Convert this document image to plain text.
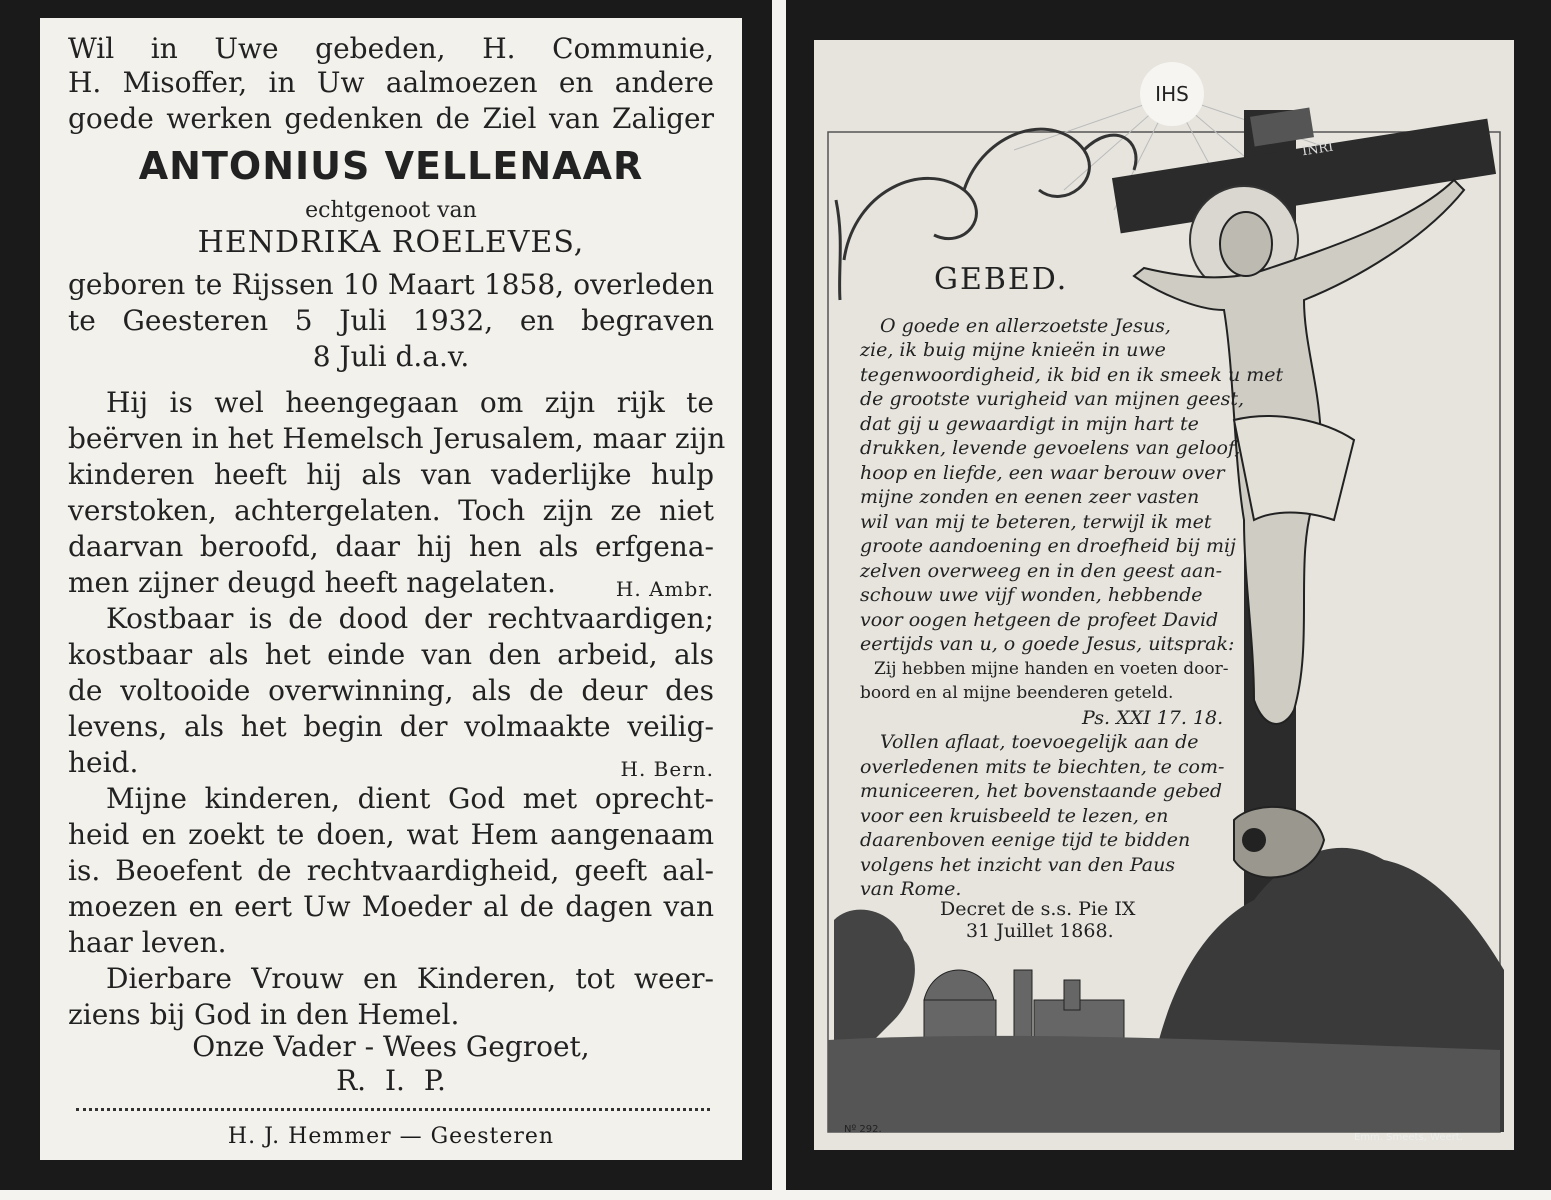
Wil in Uwe gebeden, H. Communie,
H. Misoffer, in Uw aalmoezen en andere
goede werken gedenken de Ziel van Zaliger
ANTONIUS VELLENAAR
echtgenoot van
HENDRIKA ROELEVES,
geboren te Rijssen 10 Maart 1858, overleden
te Geesteren 5 Juli 1932, en begraven
8 Juli d.a.v.
Hij is wel heengegaan om zijn rijk te
beërven in het Hemelsch Jerusalem, maar zijn
kinderen heeft hij als van vaderlijke hulp
verstoken, achtergelaten. Toch zijn ze niet
daarvan beroofd, daar hij hen als erfgena-
men zijner deugd heeft nagelaten.	H. Ambr.
Kostbaar is de dood der rechtvaardigen;
kostbaar als het einde van den arbeid, als
de voltooide overwinning, als de deur des
levens, als het begin der volmaakte veilig-
heid.	H. Bern.
Mijne kinderen, dient God met oprecht-
heid en zoekt te doen, wat Hem aangenaam
is. Beoefent de rechtvaardigheid, geeft aal-
moezen en eert Uw Moeder al de dagen van
haar leven.
Dierbare Vrouw en Kinderen, tot weer-
ziens bij God in den Hemel.
Onze Vader - Wees Gegroet,
R. I. P.
H. J. Hemmer — Geesteren
IHS
INRI
GEBED.
O goede en allerzoetste Jesus,
zie, ik buig mijne knieën in uwe
tegenwoordigheid, ik bid en ik smeek u met
de grootste vurigheid van mijnen geest,
dat gij u gewaardigt in mijn hart te
drukken, levende gevoelens van geloof,
hoop en liefde, een waar berouw over
mijne zonden en eenen zeer vasten
wil van mij te beteren, terwijl ik met
groote aandoening en droefheid bij mij
zelven overweeg en in den geest aan-
schouw uwe vijf wonden, hebbende
voor oogen hetgeen de profeet David
eertijds van u, o goede Jesus, uitsprak:
Zij hebben mijne handen en voeten door-
boord en al mijne beenderen geteld.
Ps. XXI 17. 18.
Vollen aflaat, toevoegelijk aan de
overledenen mits te biechten, te com-
municeeren, het bovenstaande gebed
voor een kruisbeeld te lezen, en
daarenboven eenige tijd te bidden
volgens het inzicht van den Paus
van Rome.
Decret de s.s. Pie IX
31 Juillet 1868.
Nº 292.
Emm. Smeets, Weert.
